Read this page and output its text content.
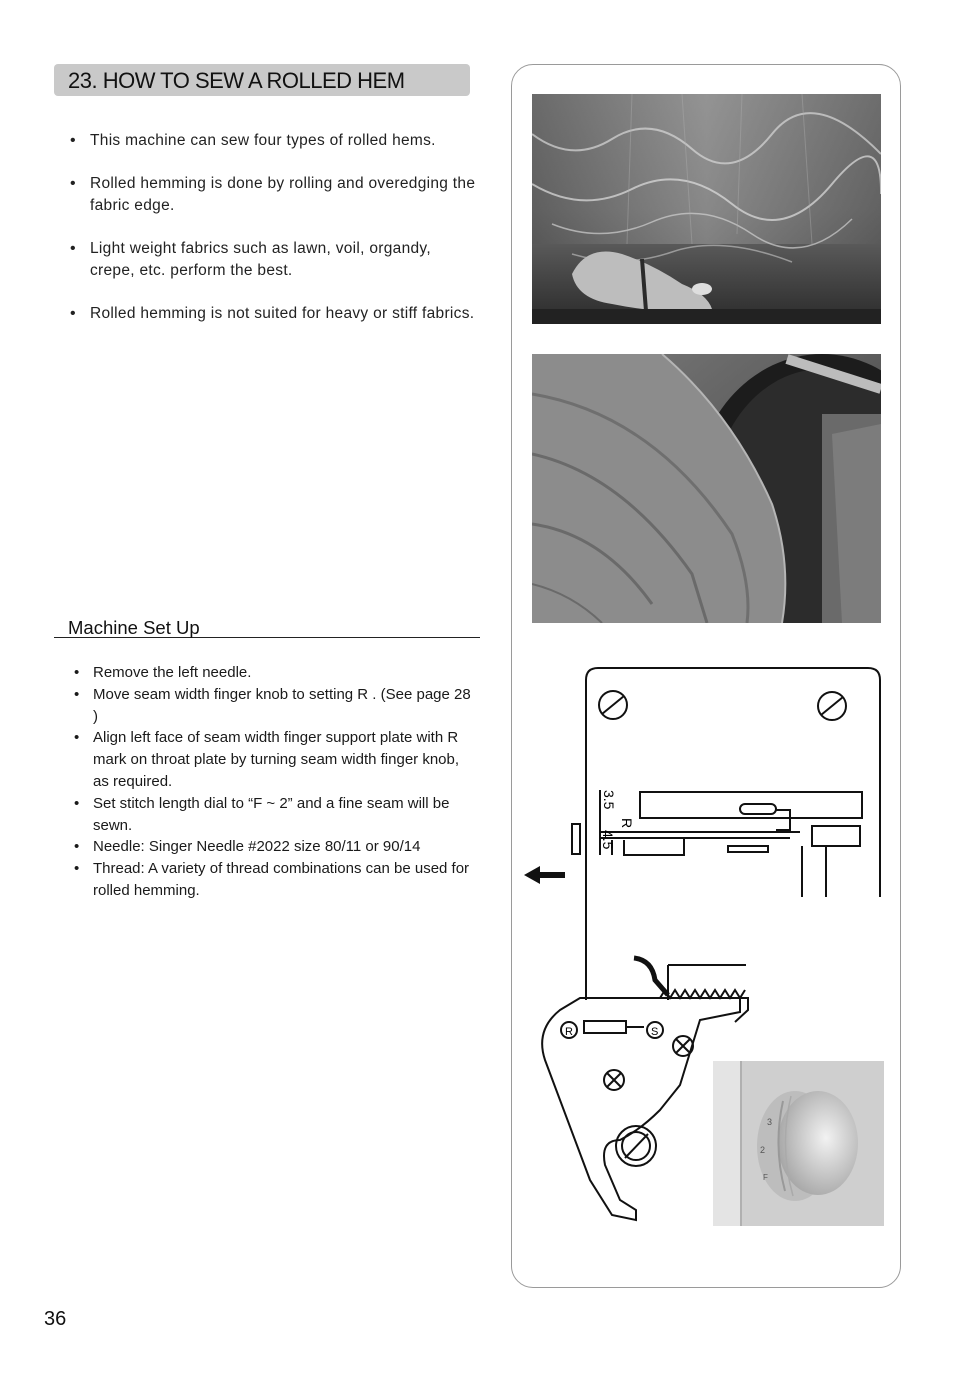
23. HOW TO SEW A ROLLED HEM
• This machine can sew four types of rolled hems.
• Rolled hemming is done by rolling and overedging the fabric edge.
• Light weight fabrics such as lawn, voil, organdy, crepe, etc. perform the best.
• Rolled hemming is not suited for heavy or stiff fabrics.
Machine Set Up
• Remove the left needle.
• Move seam width finger knob to setting R . (See page 28 )
• Align left face of seam width finger support plate with R mark on throat plate by turning seam width finger knob, as required.
• Set stitch length dial to “F ~ 2” and a fine seam will be sewn.
• Needle: Singer Needle #2022 size 80/11 or 90/14
• Thread: A variety of thread combinations can be used for rolled hemming.
3.5
R
4.5
R	S
3
2
F
36
